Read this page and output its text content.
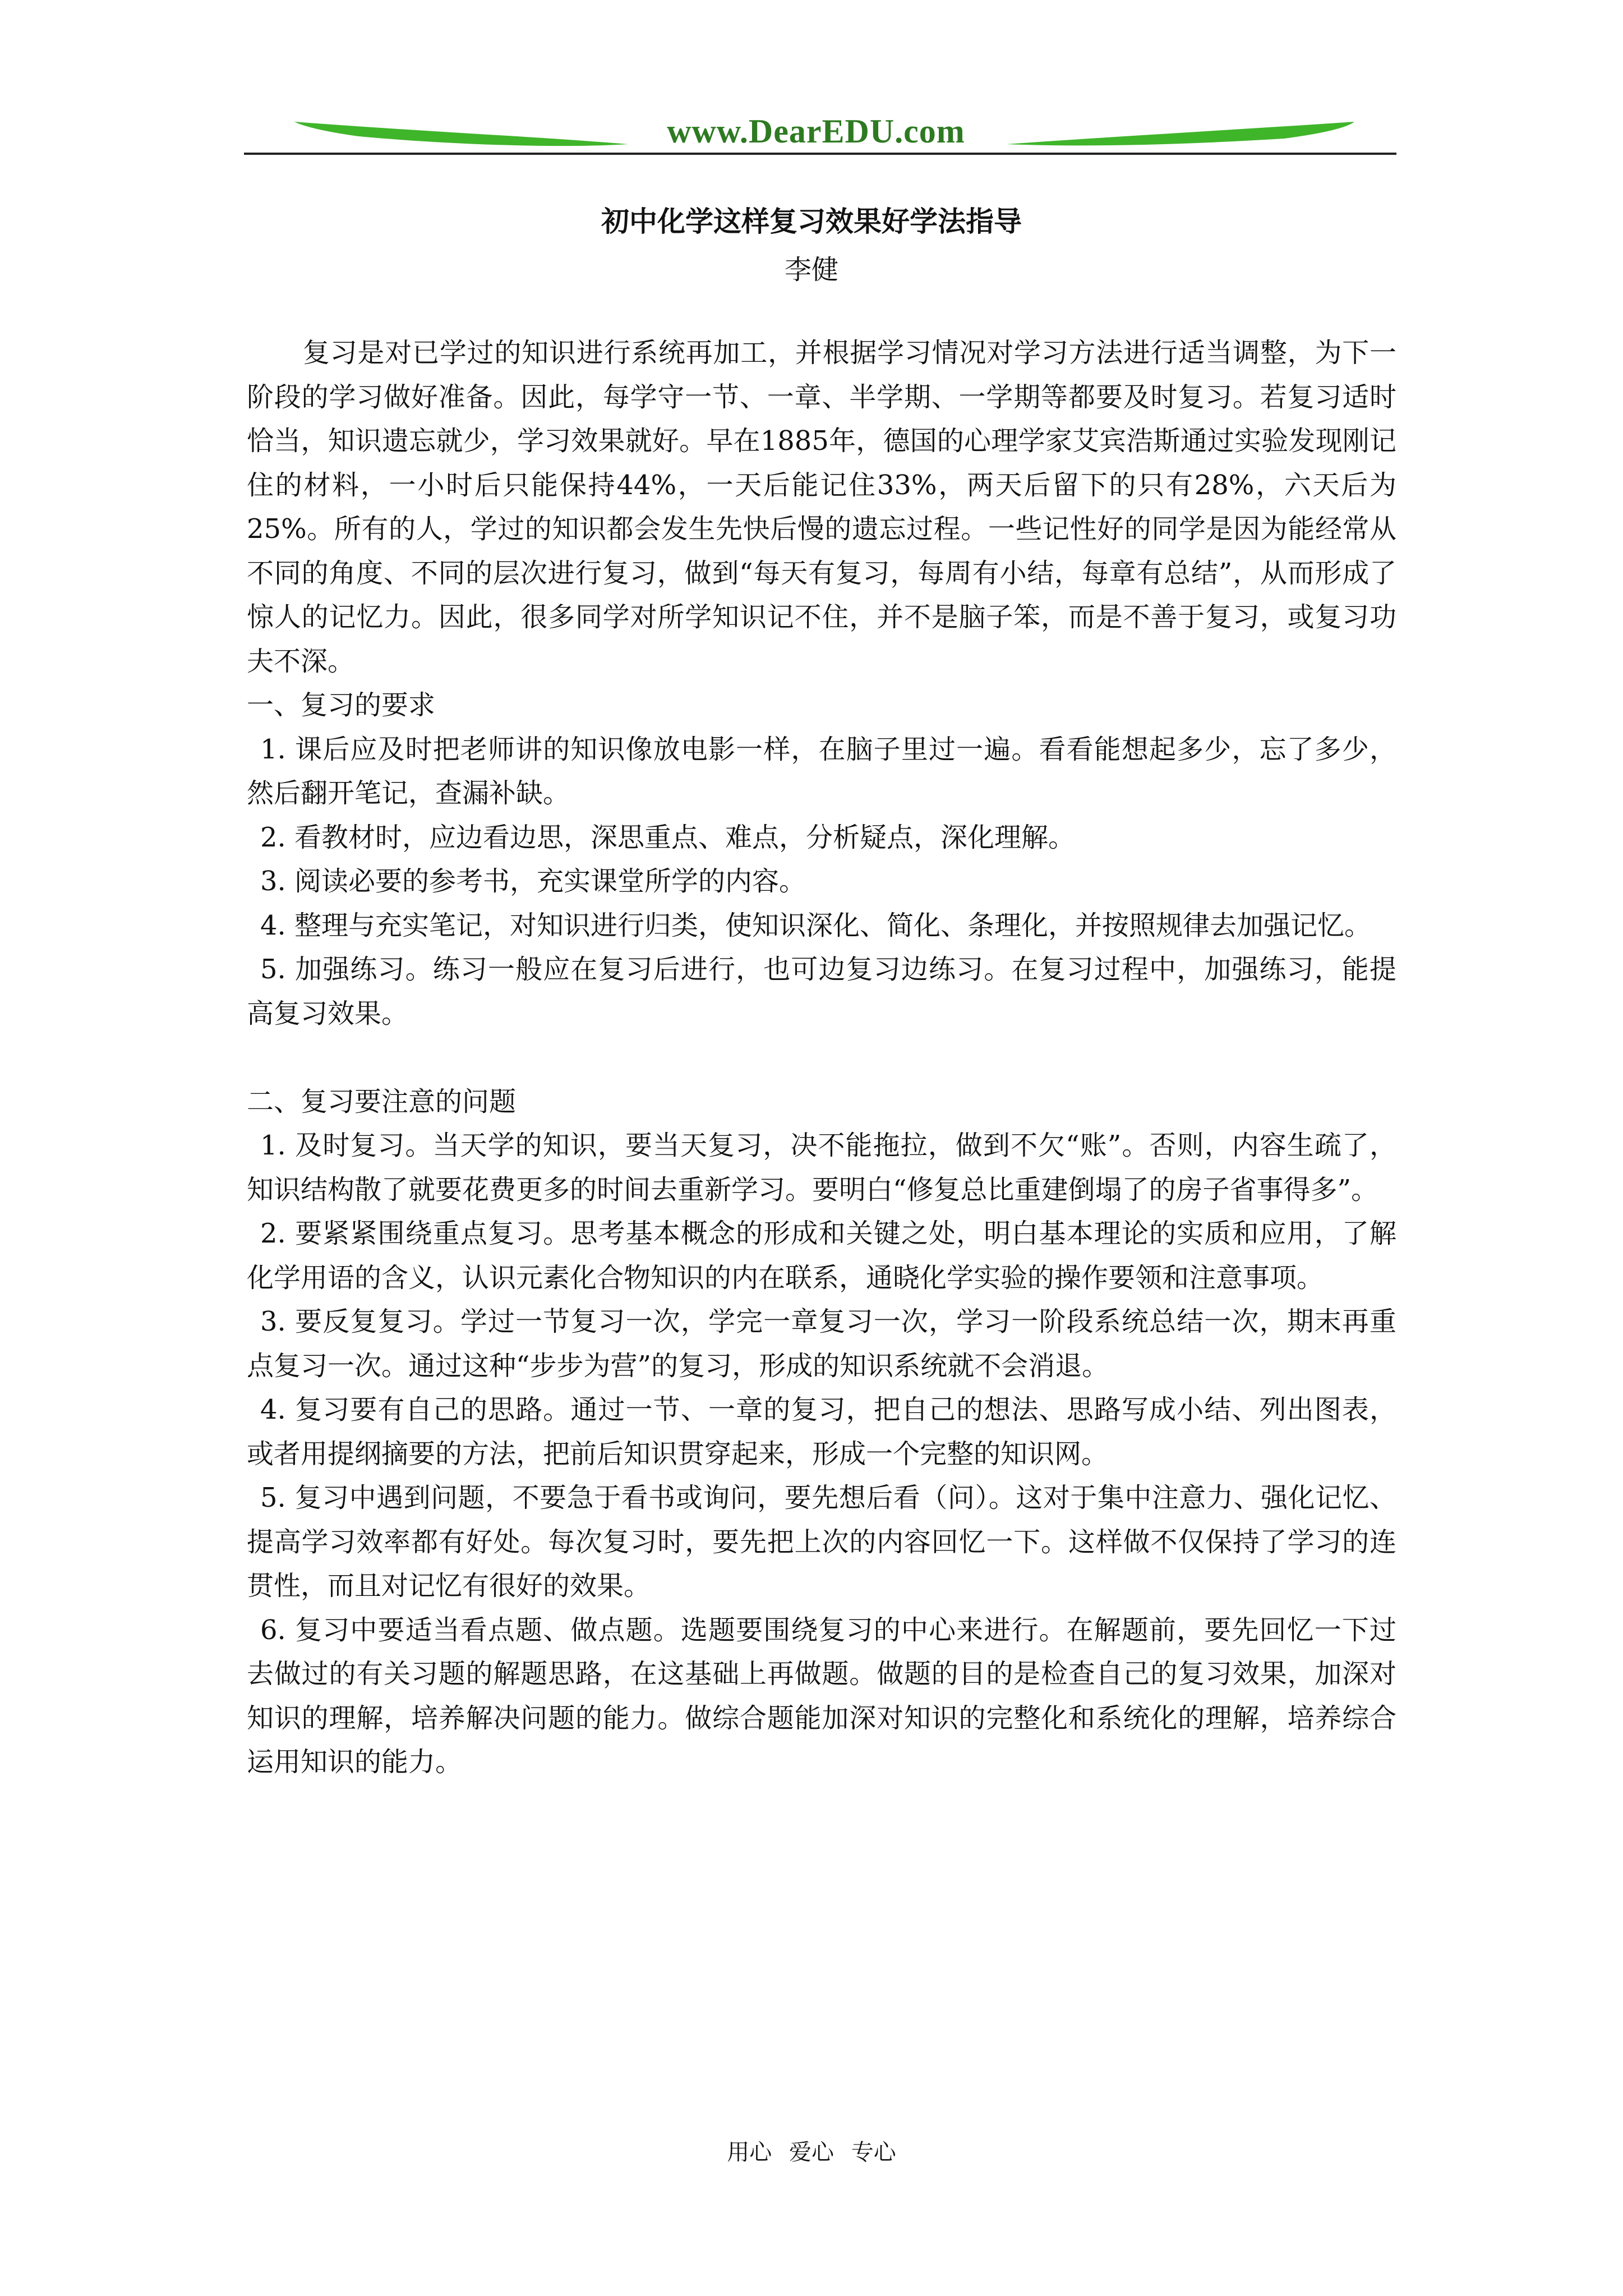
www.DearEDU.com
初中化学这样复习效果好学法指导
李健

复习是对已学过的知识进行系统再加工，并根据学习情况对学习方法进行适当调整，为下一阶段的学习做好准备。因此，每学守一节、一章、半学期、一学期等都要及时复习。若复习适时恰当，知识遗忘就少，学习效果就好。早在1885年，德国的心理学家艾宾浩斯通过实验发现刚记住的材料，一小时后只能保持44%，一天后能记住33%，两天后留下的只有28%，六天后为25%。所有的人，学过的知识都会发生先快后慢的遗忘过程。一些记性好的同学是因为能经常从不同的角度、不同的层次进行复习，做到“每天有复习，每周有小结，每章有总结”，从而形成了惊人的记忆力。因此，很多同学对所学知识记不住，并不是脑子笨，而是不善于复习，或复习功夫不深。

一、复习的要求

1. 课后应及时把老师讲的知识像放电影一样，在脑子里过一遍。看看能想起多少，忘了多少，然后翻开笔记，查漏补缺。

2. 看教材时，应边看边思，深思重点、难点，分析疑点，深化理解。

3. 阅读必要的参考书，充实课堂所学的内容。

4. 整理与充实笔记，对知识进行归类，使知识深化、简化、条理化，并按照规律去加强记忆。

5. 加强练习。练习一般应在复习后进行，也可边复习边练习。在复习过程中，加强练习，能提高复习效果。

二、复习要注意的问题

1. 及时复习。当天学的知识，要当天复习，决不能拖拉，做到不欠“账”。否则，内容生疏了，知识结构散了就要花费更多的时间去重新学习。要明白“修复总比重建倒塌了的房子省事得多”。

2. 要紧紧围绕重点复习。思考基本概念的形成和关键之处，明白基本理论的实质和应用，了解化学用语的含义，认识元素化合物知识的内在联系，通晓化学实验的操作要领和注意事项。

3. 要反复复习。学过一节复习一次，学完一章复习一次，学习一阶段系统总结一次，期末再重点复习一次。通过这种“步步为营”的复习，形成的知识系统就不会消退。

4. 复习要有自己的思路。通过一节、一章的复习，把自己的想法、思路写成小结、列出图表，或者用提纲摘要的方法，把前后知识贯穿起来，形成一个完整的知识网。

5. 复习中遇到问题，不要急于看书或询问，要先想后看（问）。这对于集中注意力、强化记忆、提高学习效率都有好处。每次复习时，要先把上次的内容回忆一下。这样做不仅保持了学习的连贯性，而且对记忆有很好的效果。

6. 复习中要适当看点题、做点题。选题要围绕复习的中心来进行。在解题前，要先回忆一下过去做过的有关习题的解题思路，在这基础上再做题。做题的目的是检查自己的复习效果，加深对知识的理解，培养解决问题的能力。做综合题能加深对知识的完整化和系统化的理解，培养综合运用知识的能力。

用心 爱心 专心
